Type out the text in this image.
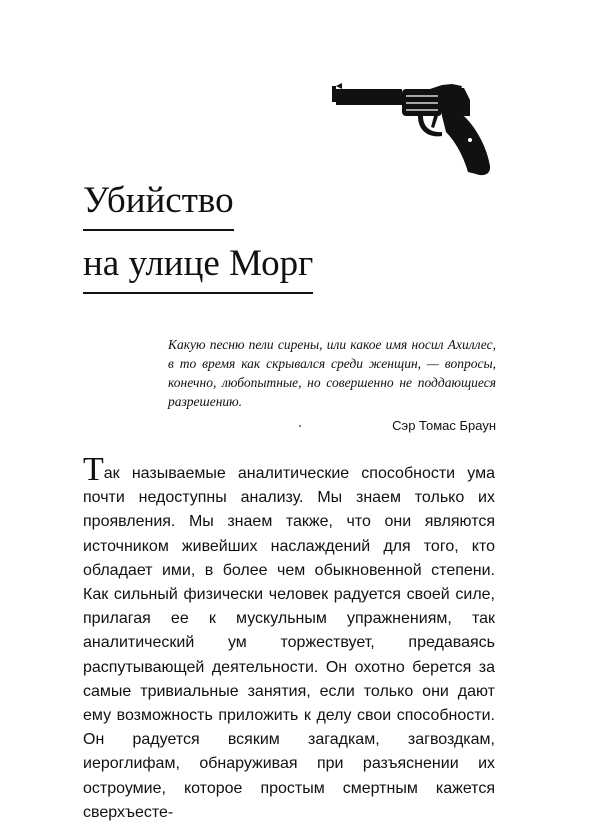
Убийство
на улице Морг
Какую песню пели сирены, или какое имя носил Ахиллес, в то время как скрывался среди женщин, — вопросы, конечно, любопытные, но совершенно не поддающиеся разрешению.
Сэр Томас Браун
Так называемые аналитические способности ума почти недоступны анализу. Мы знаем только их проявления. Мы знаем также, что они являются источником живейших наслаждений для того, кто обладает ими, в более чем обыкновенной степени. Как сильный физически человек радуется своей силе, прилагая ее к мускульным упражнениям, так аналитический ум торжествует, предаваясь распутывающей деятельности. Он охотно берется за самые тривиальные занятия, если только они дают ему возможность приложить к делу свои способности. Он радуется всяким загадкам, загвоздкам, иероглифам, обнаруживая при разъяснении их остроумие, которое простым смертным кажется сверхъесте-
